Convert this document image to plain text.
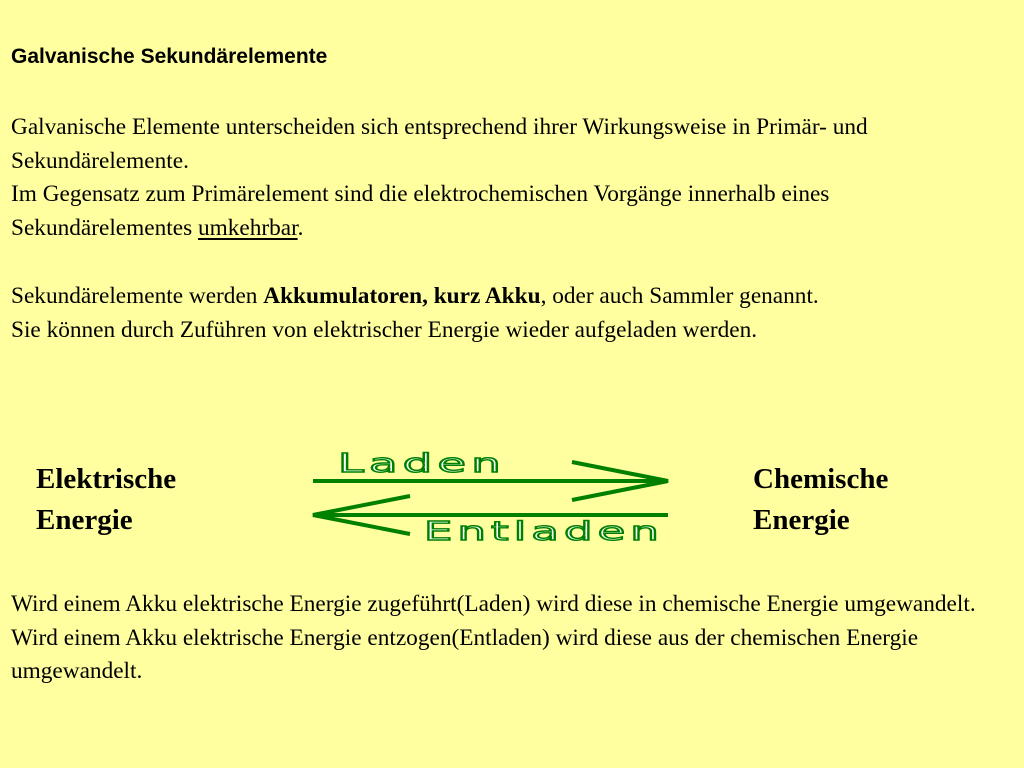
Galvanische Sekundärelemente

Galvanische Elemente unterscheiden sich entsprechend ihrer Wirkungsweise in Primär- und Sekundärelemente.

Im Gegensatz zum Primärelement sind die elektrochemischen Vorgänge innerhalb eines Sekundärelementes umkehrbar.

Sekundärelemente werden Akkumulatoren, kurz Akku, oder auch Sammler genannt.

Sie können durch Zuführen von elektrischer Energie wieder aufgeladen werden.

Elektrische
Energie
Laden
Entladen
Chemische
Energie
Wird einem Akku elektrische Energie zugeführt(Laden) wird diese in chemische Energie umgewandelt. Wird einem Akku elektrische Energie entzogen(Entladen) wird diese aus der chemischen Energie umgewandelt.
